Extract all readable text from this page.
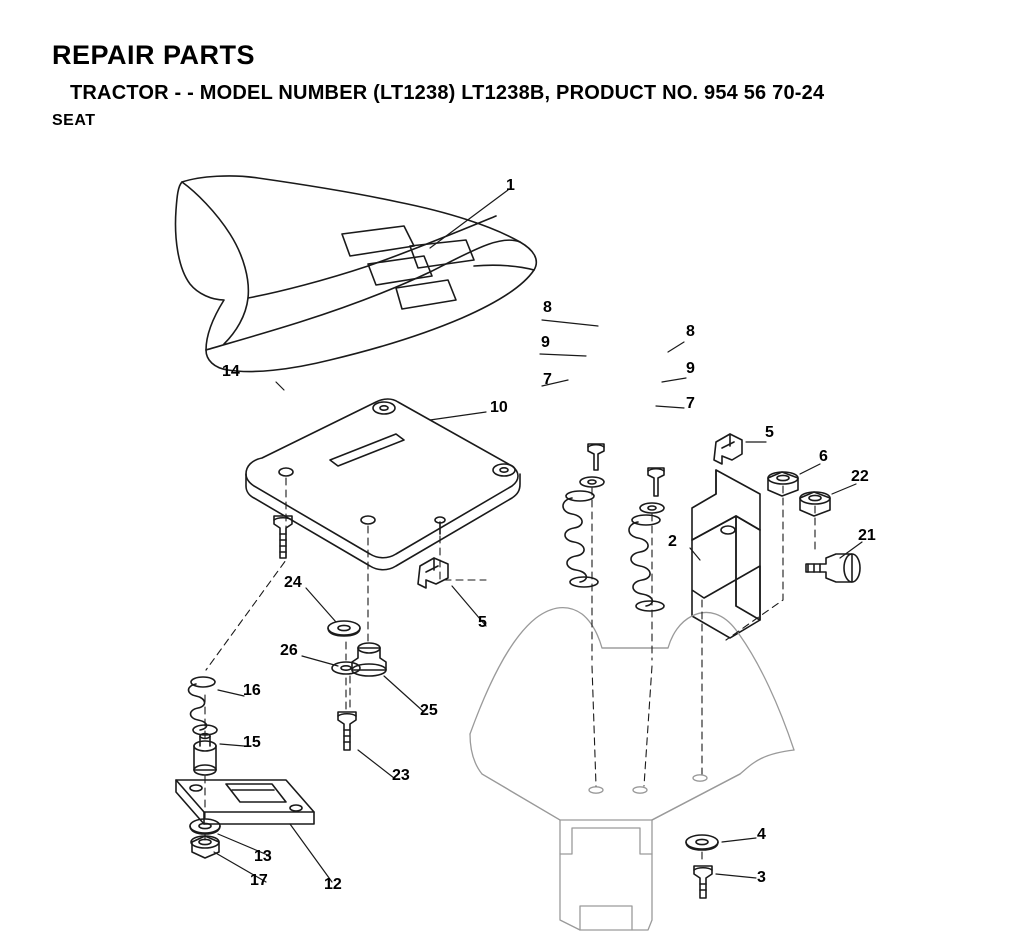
REPAIR PARTS
TRACTOR - - MODEL NUMBER (LT1238) LT1238B, PRODUCT NO. 954 56 70-24
SEAT
1
8
8
9
9
7
7
14
10
5
6
22
2	21
24
5
26
16
25
15
23
4
13
3
17	12
